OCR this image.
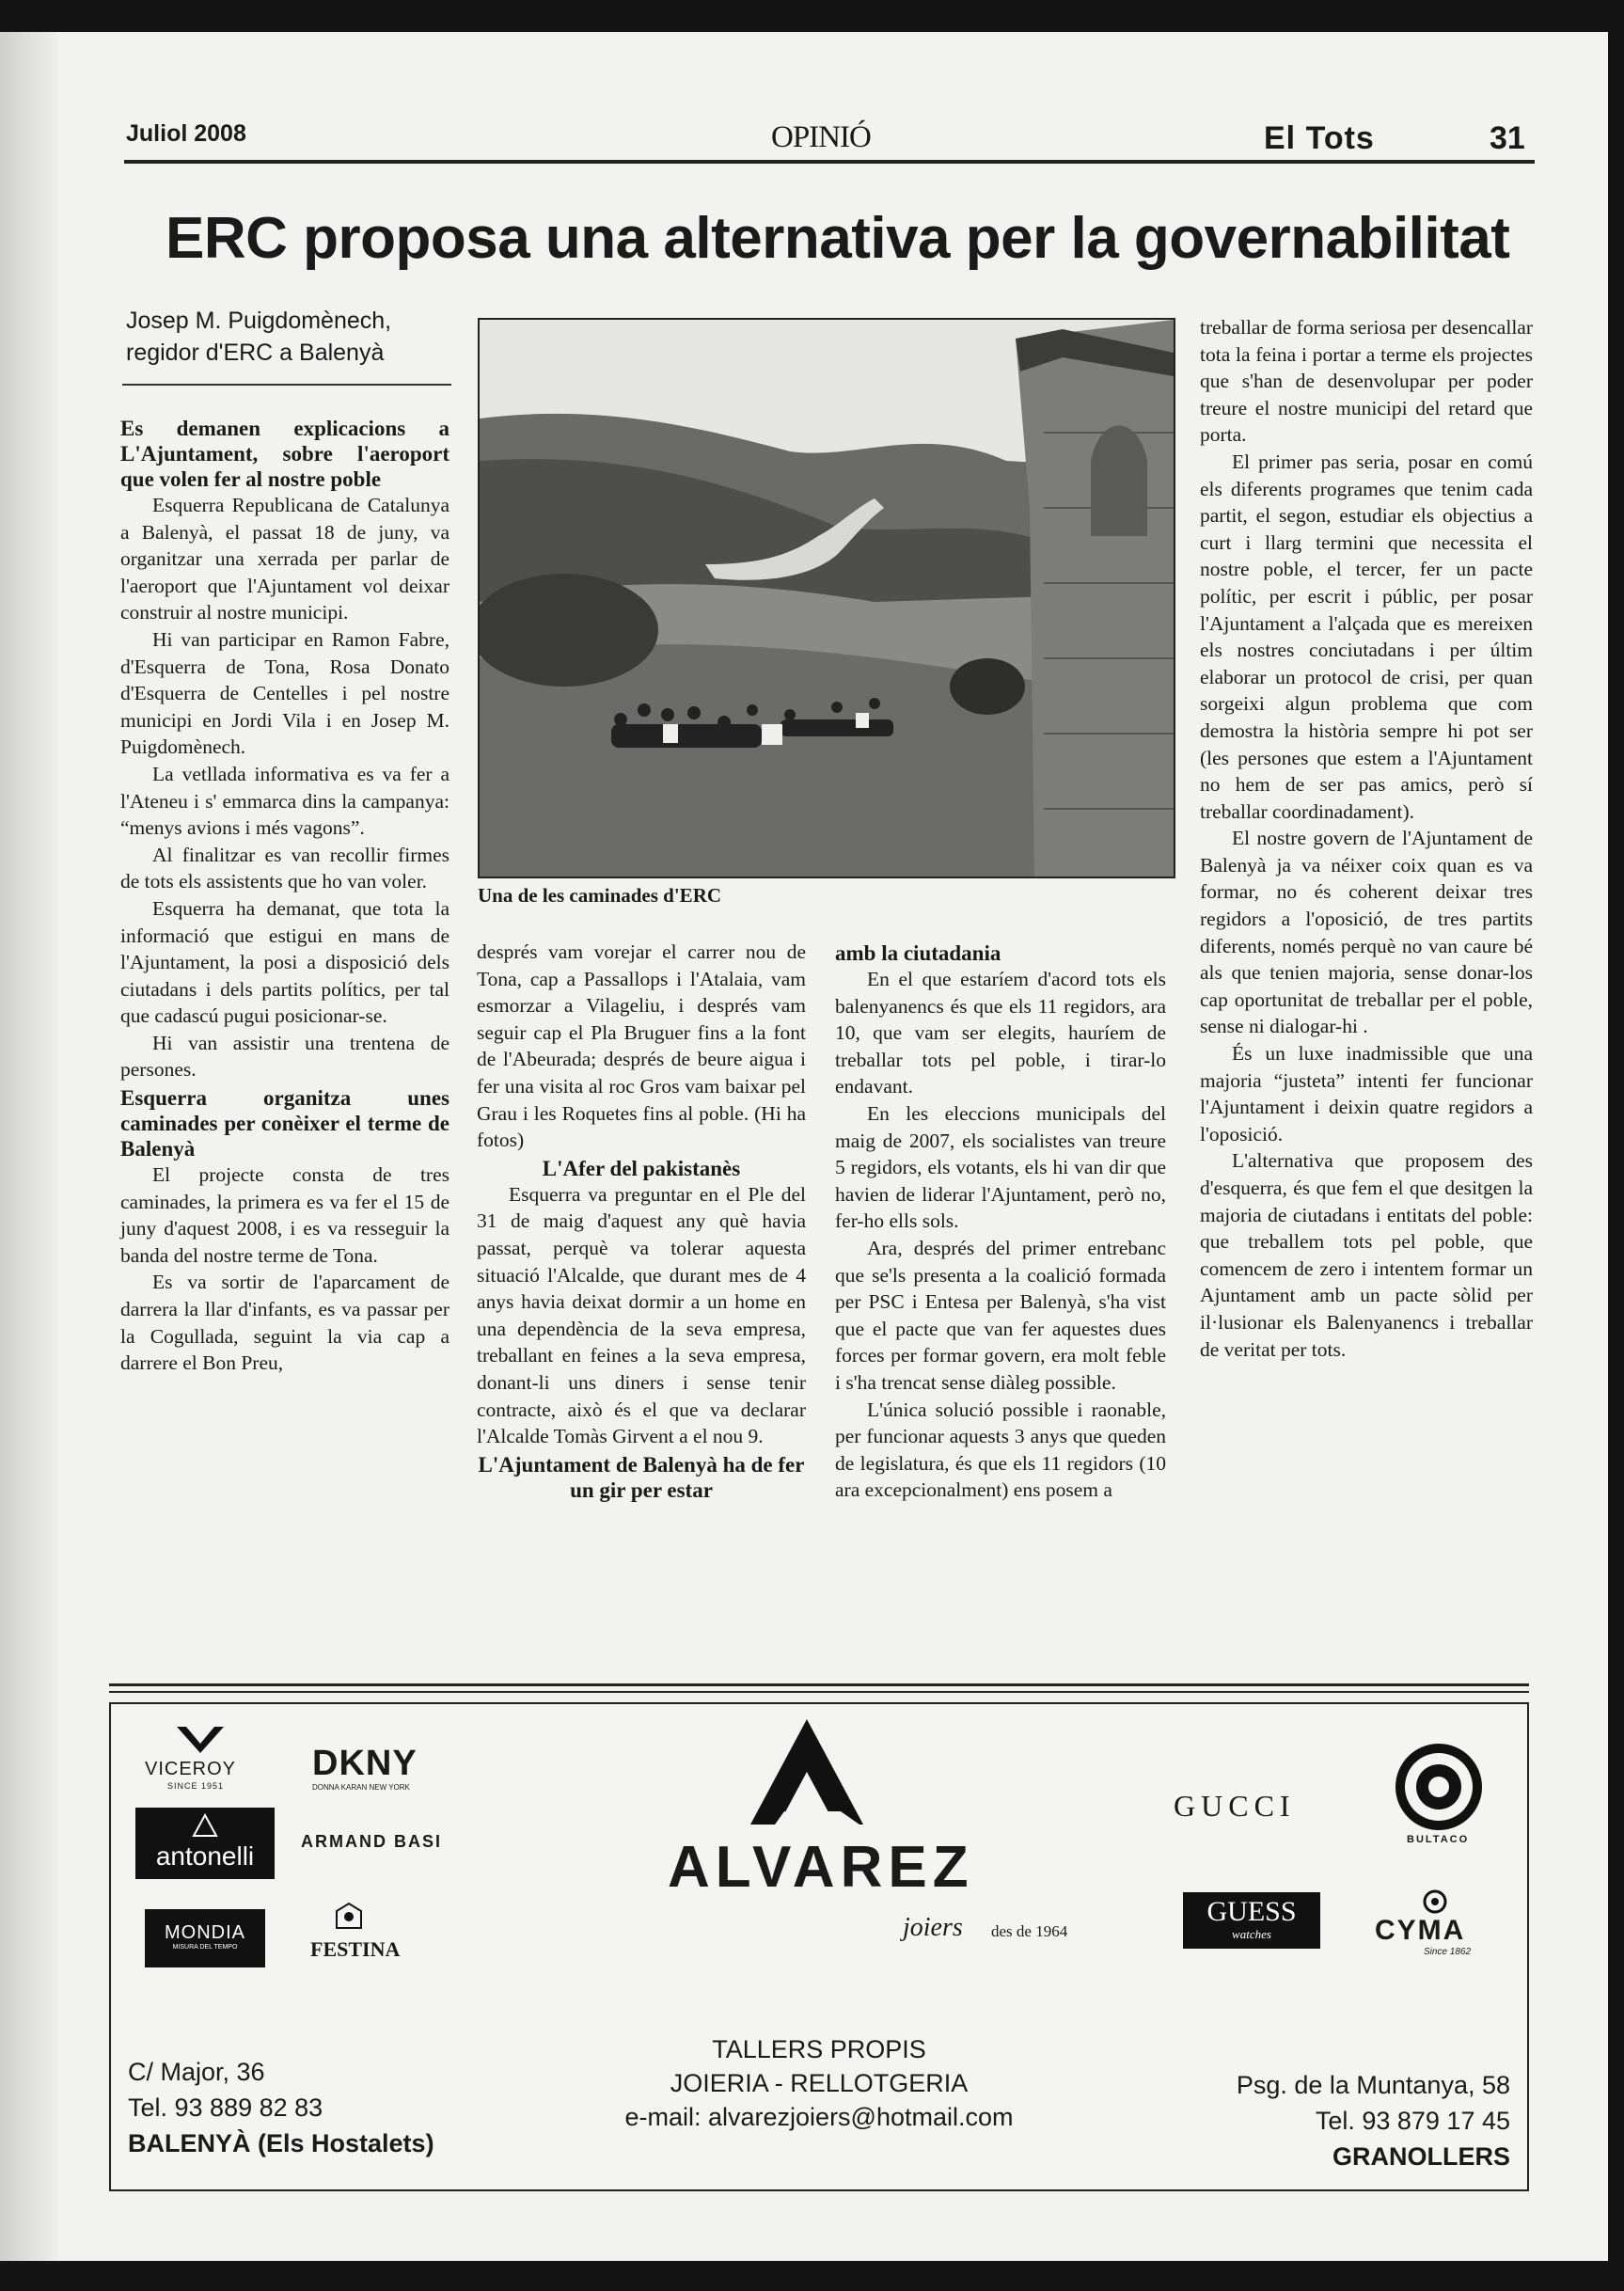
Juliol 2008	OPINIÓ	El Tots	31
ERC proposa una alternativa per la governabilitat
Josep M. Puigdomènech,
regidor d'ERC a Balenyà
Es demanen explicacions a L'Ajuntament, sobre l'aeroport que volen fer al nostre poble

Esquerra Republicana de Catalunya a Balenyà, el passat 18 de juny, va organitzar una xerrada per parlar de l'aeroport que l'Ajuntament vol deixar construir al nostre municipi.

Hi van participar en Ramon Fabre, d'Esquerra de Tona, Rosa Donato d'Esquerra de Centelles i pel nostre municipi en Jordi Vila i en Josep M. Puigdomènech.

La vetllada informativa es va fer a l'Ateneu i s' emmarca dins la campanya: “menys avions i més vagons”.

Al finalitzar es van recollir firmes de tots els assistents que ho van voler.

Esquerra ha demanat, que tota la informació que estigui en mans de l'Ajuntament, la posi a disposició dels ciutadans i dels partits polítics, per tal que cadascú pugui posicionar-se.

Hi van assistir una trentena de persones.

Esquerra organitza unes caminades per conèixer el terme de Balenyà

El projecte consta de tres caminades, la primera es va fer el 15 de juny d'aquest 2008, i es va resseguir la banda del nostre terme de Tona.

Es va sortir de l'aparcament de darrera la llar d'infants, es va passar per la Cogullada, seguint la via cap a darrere el Bon Preu,

Una de les caminades d'ERC

després vam vorejar el carrer nou de Tona, cap a Passallops i l'Atalaia, vam esmorzar a Vilageliu, i després vam seguir cap el Pla Bruguer fins a la font de l'Abeurada; després de beure aigua i fer una visita al roc Gros vam baixar pel Grau i les Roquetes fins al poble. (Hi ha fotos)

L'Afer del pakistanès

Esquerra va preguntar en el Ple del 31 de maig d'aquest any què havia passat, perquè va tolerar aquesta situació l'Alcalde, que durant mes de 4 anys havia deixat dormir a un home en una dependència de la seva empresa, treballant en feines a la seva empresa, donant-li uns diners i sense tenir contracte, això és el que va declarar l'Alcalde Tomàs Girvent a el nou 9.

L'Ajuntament de Balenyà ha de fer un gir per estar
amb la ciutadania

En el que estaríem d'acord tots els balenyanencs és que els 11 regidors, ara 10, que vam ser elegits, hauríem de treballar tots pel poble, i tirar-lo endavant.

En les eleccions municipals del maig de 2007, els socialistes van treure 5 regidors, els votants, els hi van dir que havien de liderar l'Ajuntament, però no, fer-ho ells sols.

Ara, després del primer entrebanc que se'ls presenta a la coalició formada per PSC i Entesa per Balenyà, s'ha vist que el pacte que van fer aquestes dues forces per formar govern, era molt feble i s'ha trencat sense diàleg possible.

L'única solució possible i raonable, per funcionar aquests 3 anys que queden de legislatura, és que els 11 regidors (10 ara excepcionalment) ens posem a

treballar de forma seriosa per desencallar tota la feina i portar a terme els projectes que s'han de desenvolupar per poder treure el nostre municipi del retard que porta.

El primer pas seria, posar en comú els diferents programes que tenim cada partit, el segon, estudiar els objectius a curt i llarg termini que necessita el nostre poble, el tercer, fer un pacte polític, per escrit i públic, per posar l'Ajuntament a l'alçada que es mereixen els nostres conciutadans i per últim elaborar un protocol de crisi, per quan sorgeixi algun problema que com demostra la història sempre hi pot ser (les persones que estem a l'Ajuntament no hem de ser pas amics, però sí treballar coordinadament).

El nostre govern de l'Ajuntament de Balenyà ja va néixer coix quan es va formar, no és coherent deixar tres regidors a l'oposició, de tres partits diferents, només perquè no van caure bé als que tenien majoria, sense donar-los cap oportunitat de treballar per el poble, sense ni dialogar-hi .

És un luxe inadmissible que una majoria “justeta” intenti fer funcionar l'Ajuntament i deixin quatre regidors a l'oposició.

L'alternativa que proposem des d'esquerra, és que fem el que desitgen la majoria de ciutadans i entitats del poble: que treballem tots pel poble, que comencem de zero i intentem formar un Ajuntament amb un pacte sòlid per il·lusionar els Balenyanencs i treballar de veritat per tots.

VICEROY
SINCE 1951
DKNY
DONNA KARAN NEW YORK
antonelli	ARMAND BASI
MONDIA
MISURA DEL TEMPO	FESTINA
ALVAREZ
joiers des de 1964
TALLERS PROPIS
JOIERIA - RELLOTGERIA
e-mail: alvarezjoiers@hotmail.com
GUCCI
BULTACO
GUESS
watches	CYMA
Since 1862
C/ Major, 36
Tel. 93 889 82 83
BALENYÀ (Els Hostalets)
Psg. de la Muntanya, 58
Tel. 93 879 17 45
GRANOLLERS
